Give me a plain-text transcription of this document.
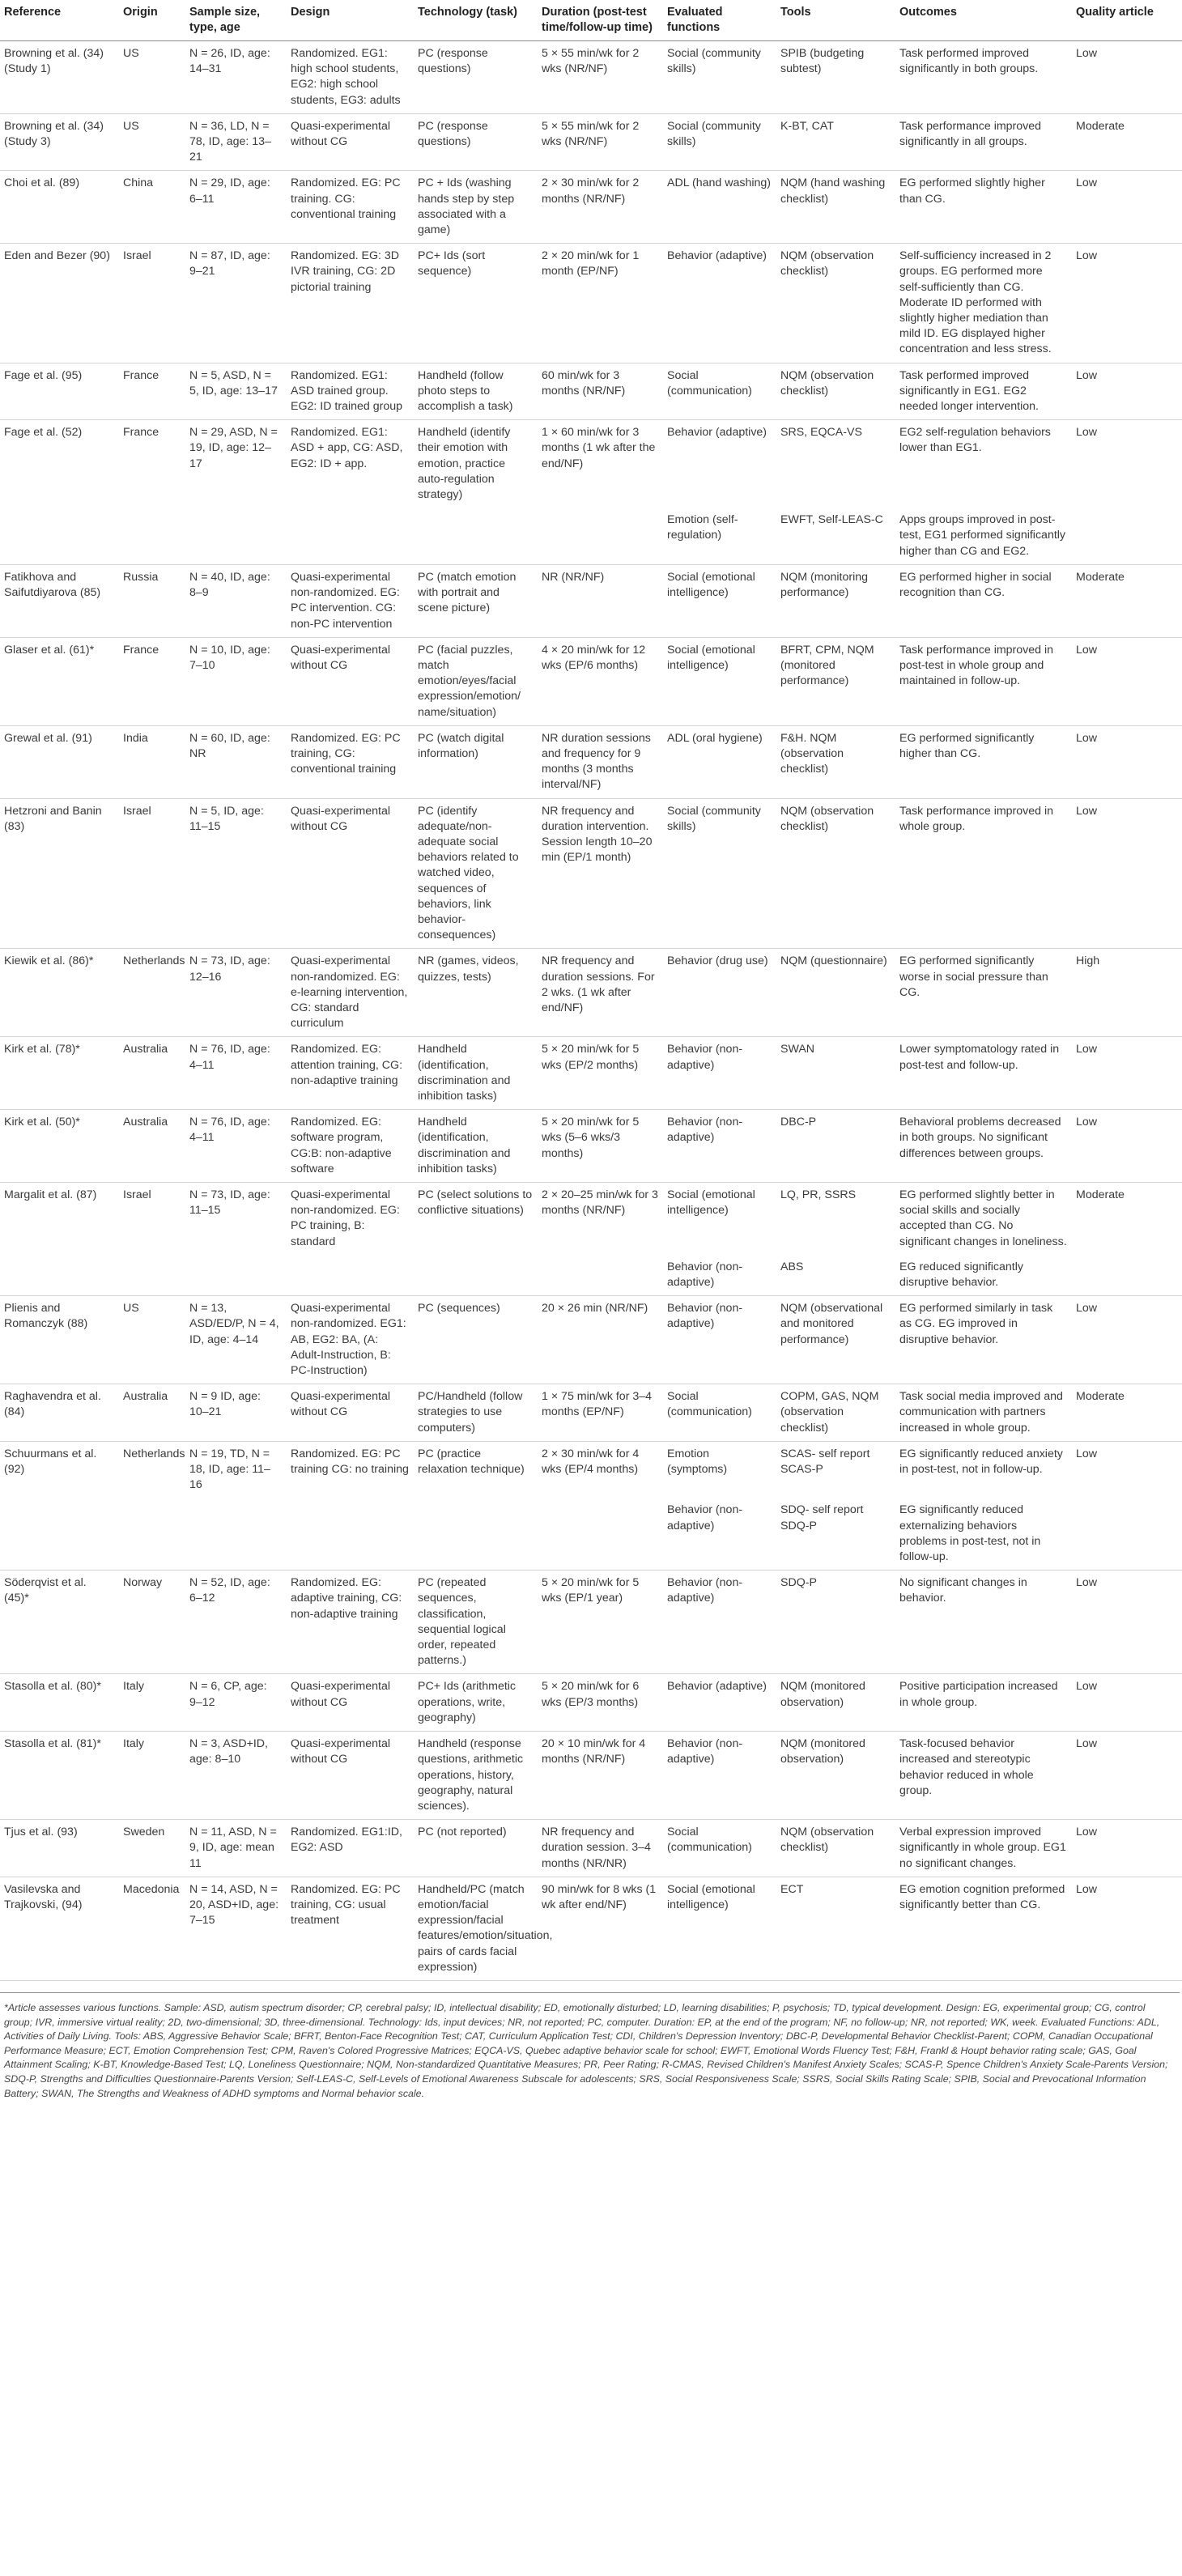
Reference	Origin	Sample size, type, age	Design	Technology (task)	Duration (post-test time/follow-up time)	Evaluated functions	Tools	Outcomes	Quality article
Browning et al. (34) (Study 1)	US	N = 26, ID, age: 14–31	Randomized. EG1: high school students, EG2: high school students, EG3: adults	PC (response questions)	5 × 55 min/wk for 2 wks (NR/NF)	Social (community skills)	SPIB (budgeting subtest)	Task performed improved significantly in both groups.	Low
Browning et al. (34) (Study 3)	US	N = 36, LD, N = 78, ID, age: 13–21	Quasi-experimental without CG	PC (response questions)	5 × 55 min/wk for 2 wks (NR/NF)	Social (community skills)	K-BT, CAT	Task performance improved significantly in all groups.	Moderate
Choi et al. (89)	China	N = 29, ID, age: 6–11	Randomized. EG: PC training. CG: conventional training	PC + Ids (washing hands step by step associated with a game)	2 × 30 min/wk for 2 months (NR/NF)	ADL (hand washing)	NQM (hand washing checklist)	EG performed slightly higher than CG.	Low
Eden and Bezer (90)	Israel	N = 87, ID, age: 9–21	Randomized. EG: 3D IVR training, CG: 2D pictorial training	PC+ Ids (sort sequence)	2 × 20 min/wk for 1 month (EP/NF)	Behavior (adaptive)	NQM (observation checklist)	Self-sufficiency increased in 2 groups. EG performed more self-sufficiently than CG. Moderate ID performed with slightly higher mediation than mild ID. EG displayed higher concentration and less stress.	Low
Fage et al. (95)	France	N = 5, ASD, N = 5, ID, age: 13–17	Randomized. EG1: ASD trained group. EG2: ID trained group	Handheld (follow photo steps to accomplish a task)	60 min/wk for 3 months (NR/NF)	Social (communication)	NQM (observation checklist)	Task performed improved significantly in EG1. EG2 needed longer intervention.	Low
Fage et al. (52)	France	N = 29, ASD, N = 19, ID, age: 12–17	Randomized. EG1: ASD + app, CG: ASD, EG2: ID + app.	Handheld (identify their emotion with emotion, practice auto-regulation strategy)	1 × 60 min/wk for 3 months (1 wk after the end/NF)	Behavior (adaptive)	SRS, EQCA-VS	EG2 self-regulation behaviors lower than EG1.	Low
						Emotion (self-regulation)	EWFT, Self-LEAS-C	Apps groups improved in post-test, EG1 performed significantly higher than CG and EG2.	
Fatikhova and Saifutdiyarova (85)	Russia	N = 40, ID, age: 8–9	Quasi-experimental non-randomized. EG: PC intervention. CG: non-PC intervention	PC (match emotion with portrait and scene picture)	NR (NR/NF)	Social (emotional intelligence)	NQM (monitoring performance)	EG performed higher in social recognition than CG.	Moderate
Glaser et al. (61)*	France	N = 10, ID, age: 7–10	Quasi-experimental without CG	PC (facial puzzles, match emotion/eyes/facial expression/emotion/ name/situation)	4 × 20 min/wk for 12 wks (EP/6 months)	Social (emotional intelligence)	BFRT, CPM, NQM (monitored performance)	Task performance improved in post-test in whole group and maintained in follow-up.	Low
Grewal et al. (91)	India	N = 60, ID, age: NR	Randomized. EG: PC training, CG: conventional training	PC (watch digital information)	NR duration sessions and frequency for 9 months (3 months interval/NF)	ADL (oral hygiene)	F&H. NQM (observation checklist)	EG performed significantly higher than CG.	Low
Hetzroni and Banin (83)	Israel	N = 5, ID, age: 11–15	Quasi-experimental without CG	PC (identify adequate/non-adequate social behaviors related to watched video, sequences of behaviors, link behavior-consequences)	NR frequency and duration intervention. Session length 10–20 min (EP/1 month)	Social (community skills)	NQM (observation checklist)	Task performance improved in whole group.	Low
Kiewik et al. (86)*	Netherlands	N = 73, ID, age: 12–16	Quasi-experimental non-randomized. EG: e-learning intervention, CG: standard curriculum	NR (games, videos, quizzes, tests)	NR frequency and duration sessions. For 2 wks. (1 wk after end/NF)	Behavior (drug use)	NQM (questionnaire)	EG performed significantly worse in social pressure than CG.	High
Kirk et al. (78)*	Australia	N = 76, ID, age: 4–11	Randomized. EG: attention training, CG: non-adaptive training	Handheld (identification, discrimination and inhibition tasks)	5 × 20 min/wk for 5 wks (EP/2 months)	Behavior (non-adaptive)	SWAN	Lower symptomatology rated in post-test and follow-up.	Low
Kirk et al. (50)*	Australia	N = 76, ID, age: 4–11	Randomized. EG: software program, CG:B: non-adaptive software	Handheld (identification, discrimination and inhibition tasks)	5 × 20 min/wk for 5 wks (5–6 wks/3 months)	Behavior (non-adaptive)	DBC-P	Behavioral problems decreased in both groups. No significant differences between groups.	Low
Margalit et al. (87)	Israel	N = 73, ID, age: 11–15	Quasi-experimental non-randomized. EG: PC training, B: standard	PC (select solutions to conflictive situations)	2 × 20–25 min/wk for 3 months (NR/NF)	Social (emotional intelligence)	LQ, PR, SSRS	EG performed slightly better in social skills and socially accepted than CG. No significant changes in loneliness.	Moderate
						Behavior (non-adaptive)	ABS	EG reduced significantly disruptive behavior.	
Plienis and Romanczyk (88)	US	N = 13, ASD/ED/P, N = 4, ID, age: 4–14	Quasi-experimental non-randomized. EG1: AB, EG2: BA, (A: Adult-Instruction, B: PC-Instruction)	PC (sequences)	20 × 26 min (NR/NF)	Behavior (non-adaptive)	NQM (observational and monitored performance)	EG performed similarly in task as CG. EG improved in disruptive behavior.	Low
Raghavendra et al. (84)	Australia	N = 9 ID, age: 10–21	Quasi-experimental without CG	PC/Handheld (follow strategies to use computers)	1 × 75 min/wk for 3–4 months (EP/NF)	Social (communication)	COPM, GAS, NQM (observation checklist)	Task social media improved and communication with partners increased in whole group.	Moderate
Schuurmans et al. (92)	Netherlands	N = 19, TD, N = 18, ID, age: 11–16	Randomized. EG: PC training CG: no training	PC (practice relaxation technique)	2 × 30 min/wk for 4 wks (EP/4 months)	Emotion (symptoms)	SCAS- self report SCAS-P	EG significantly reduced anxiety in post-test, not in follow-up.	Low
						Behavior (non-adaptive)	SDQ- self report SDQ-P	EG significantly reduced externalizing behaviors problems in post-test, not in follow-up.	
Söderqvist et al. (45)*	Norway	N = 52, ID, age: 6–12	Randomized. EG: adaptive training, CG: non-adaptive training	PC (repeated sequences, classification, sequential logical order, repeated patterns.)	5 × 20 min/wk for 5 wks (EP/1 year)	Behavior (non-adaptive)	SDQ-P	No significant changes in behavior.	Low
Stasolla et al. (80)*	Italy	N = 6, CP, age: 9–12	Quasi-experimental without CG	PC+ Ids (arithmetic operations, write, geography)	5 × 20 min/wk for 6 wks (EP/3 months)	Behavior (adaptive)	NQM (monitored observation)	Positive participation increased in whole group.	Low
Stasolla et al. (81)*	Italy	N = 3, ASD+ID, age: 8–10	Quasi-experimental without CG	Handheld (response questions, arithmetic operations, history, geography, natural sciences).	20 × 10 min/wk for 4 months (NR/NF)	Behavior (non-adaptive)	NQM (monitored observation)	Task-focused behavior increased and stereotypic behavior reduced in whole group.	Low
Tjus et al. (93)	Sweden	N = 11, ASD, N = 9, ID, age: mean 11	Randomized. EG1:ID, EG2: ASD	PC (not reported)	NR frequency and duration session. 3–4 months (NR/NR)	Social (communication)	NQM (observation checklist)	Verbal expression improved significantly in whole group. EG1 no significant changes.	Low
Vasilevska and Trajkovski, (94)	Macedonia	N = 14, ASD, N = 20, ASD+ID, age: 7–15	Randomized. EG: PC training, CG: usual treatment	Handheld/PC (match emotion/facial expression/facial features/emotion/situation, pairs of cards facial expression)	90 min/wk for 8 wks (1 wk after end/NF)	Social (emotional intelligence)	ECT	EG emotion cognition preformed significantly better than CG.	Low
*Article assesses various functions. Sample: ASD, autism spectrum disorder; CP, cerebral palsy; ID, intellectual disability; ED, emotionally disturbed; LD, learning disabilities; P, psychosis; TD, typical development. Design: EG, experimental group; CG, control group; IVR, immersive virtual reality; 2D, two-dimensional; 3D, three-dimensional. Technology: Ids, input devices; NR, not reported; PC, computer. Duration: EP, at the end of the program; NF, no follow-up; NR, not reported; WK, week. Evaluated Functions: ADL, Activities of Daily Living. Tools: ABS, Aggressive Behavior Scale; BFRT, Benton-Face Recognition Test; CAT, Curriculum Application Test; CDI, Children's Depression Inventory; DBC-P, Developmental Behavior Checklist-Parent; COPM, Canadian Occupational Performance Measure; ECT, Emotion Comprehension Test; CPM, Raven's Colored Progressive Matrices; EQCA-VS, Quebec adaptive behavior scale for school; EWFT, Emotional Words Fluency Test; F&H, Frankl & Houpt behavior rating scale; GAS, Goal Attainment Scaling; K-BT, Knowledge-Based Test; LQ, Loneliness Questionnaire; NQM, Non-standardized Quantitative Measures; PR, Peer Rating; R-CMAS, Revised Children's Manifest Anxiety Scales; SCAS-P, Spence Children's Anxiety Scale-Parents Version; SDQ-P, Strengths and Difficulties Questionnaire-Parents Version; Self-LEAS-C, Self-Levels of Emotional Awareness Subscale for adolescents; SRS, Social Responsiveness Scale; SSRS, Social Skills Rating Scale; SPIB, Social and Prevocational Information Battery; SWAN, The Strengths and Weakness of ADHD symptoms and Normal behavior scale.
